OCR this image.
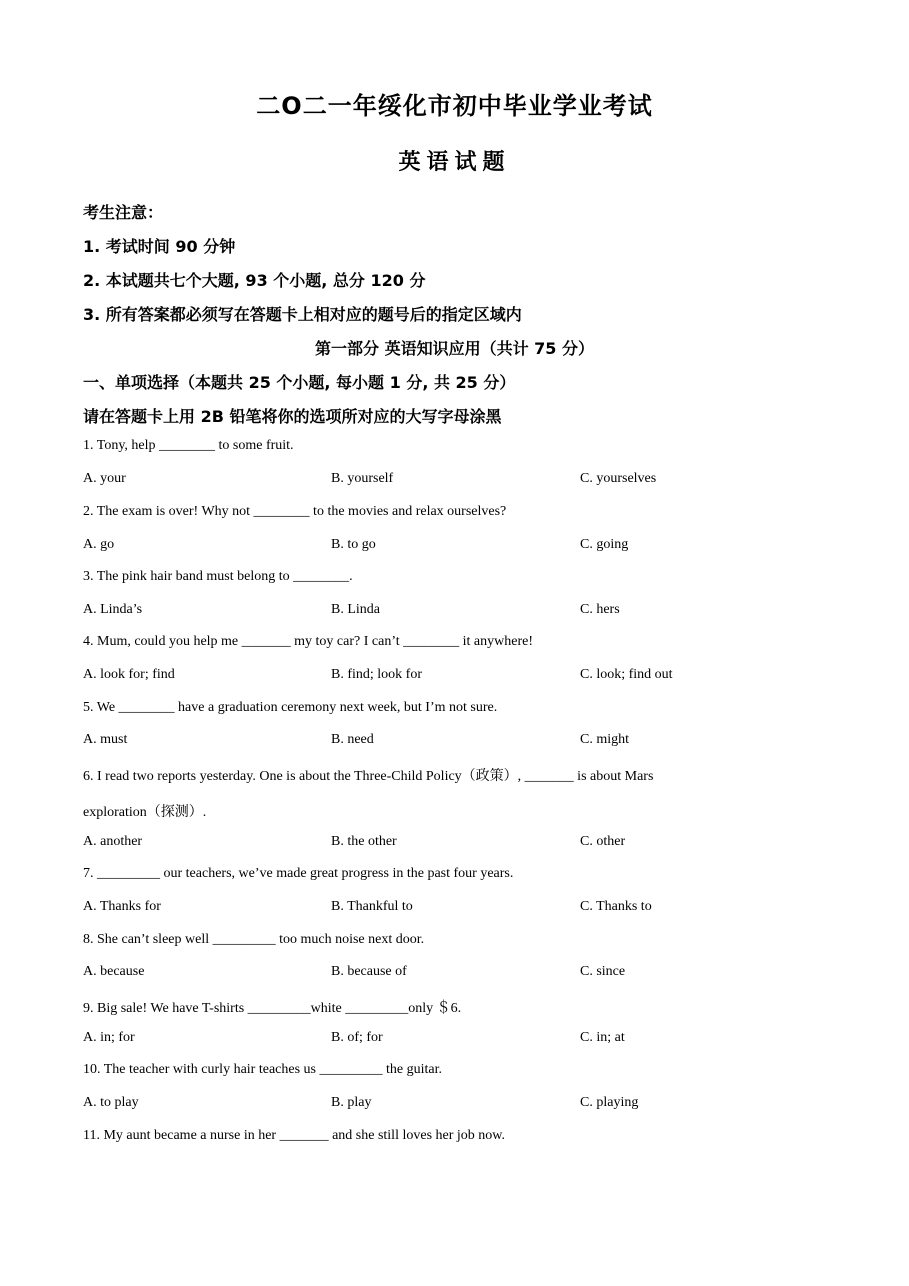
二O二一年绥化市初中毕业学业考试
英语试题
考生注意：
1. 考试时间 90 分钟
2. 本试题共七个大题, 93 个小题, 总分 120 分
3. 所有答案都必须写在答题卡上相对应的题号后的指定区域内
第一部分 英语知识应用（共计 75 分）
一、单项选择（本题共 25 个小题, 每小题 1 分, 共 25 分）
请在答题卡上用 2B 铅笔将你的选项所对应的大写字母涂黑
1. Tony, help ________ to some fruit.
A. your	B. yourself	C. yourselves
2. The exam is over! Why not ________ to the movies and relax ourselves?
A. go	B. to go	C. going
3. The pink hair band must belong to ________.
A. Linda’s	B. Linda	C. hers
4. Mum, could you help me _______ my toy car? I can’t ________ it anywhere!
A. look for; find	B. find; look for	C. look; find out
5. We ________ have a graduation ceremony next week, but I’m not sure.
A. must	B. need	C. might
6. I read two reports yesterday. One is about the Three-Child Policy（政策）, _______ is about Mars
exploration（探测）.
A. another	B. the other	C. other
7. _________ our teachers, we’ve made great progress in the past four years.
A. Thanks for	B. Thankful to	C. Thanks to
8. She can’t sleep well _________ too much noise next door.
A. because	B. because of	C. since
9. Big sale! We have T-shirts _________white _________only ＄6.
A. in; for	B. of; for	C. in; at
10. The teacher with curly hair teaches us _________ the guitar.
A. to play	B. play	C. playing
11. My aunt became a nurse in her _______ and she still loves her job now.
